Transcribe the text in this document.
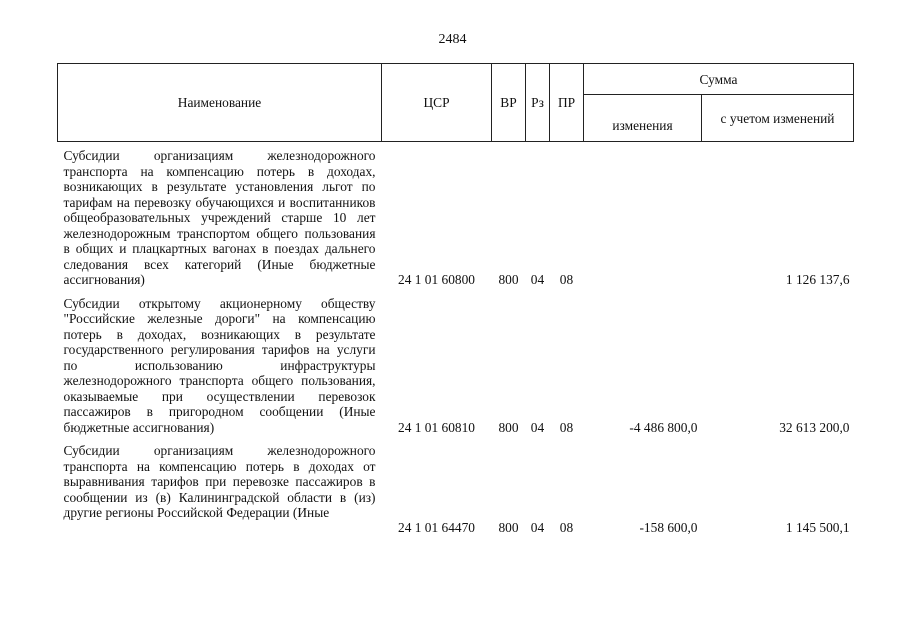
2484
Наименование	ЦСР	ВР	Рз	ПР	Сумма	
					изменения	с учетом изменений
Субсидии организациям железнодорожного транспорта на компенсацию потерь в доходах, возникающих в результате установления льгот по тарифам на перевозку обучающихся и воспитанников общеобразовательных учреждений старше 10 лет железнодорожным транспортом общего пользования в общих и плацкартных вагонах в поездах дальнего следования всех категорий (Иные бюджетные ассигнования)	24 1 01 60800	800	04	08		1 126 137,6
Субсидии открытому акционерному обществу "Российские железные дороги" на компенсацию потерь в доходах, возникающих в результате государственного регулирования тарифов на услуги по использованию инфраструктуры железнодорожного транспорта общего пользования, оказываемые при осуществлении перевозок пассажиров в пригородном сообщении (Иные бюджетные ассигнования)	24 1 01 60810	800	04	08	-4 486 800,0	32 613 200,0
Субсидии организациям железнодорожного транспорта на компенсацию потерь в доходах от выравнивания тарифов при перевозке пассажиров в сообщении из (в) Калининградской области в (из) другие регионы Российской Федерации (Иные	24 1 01 64470	800	04	08	-158 600,0	1 145 500,1
